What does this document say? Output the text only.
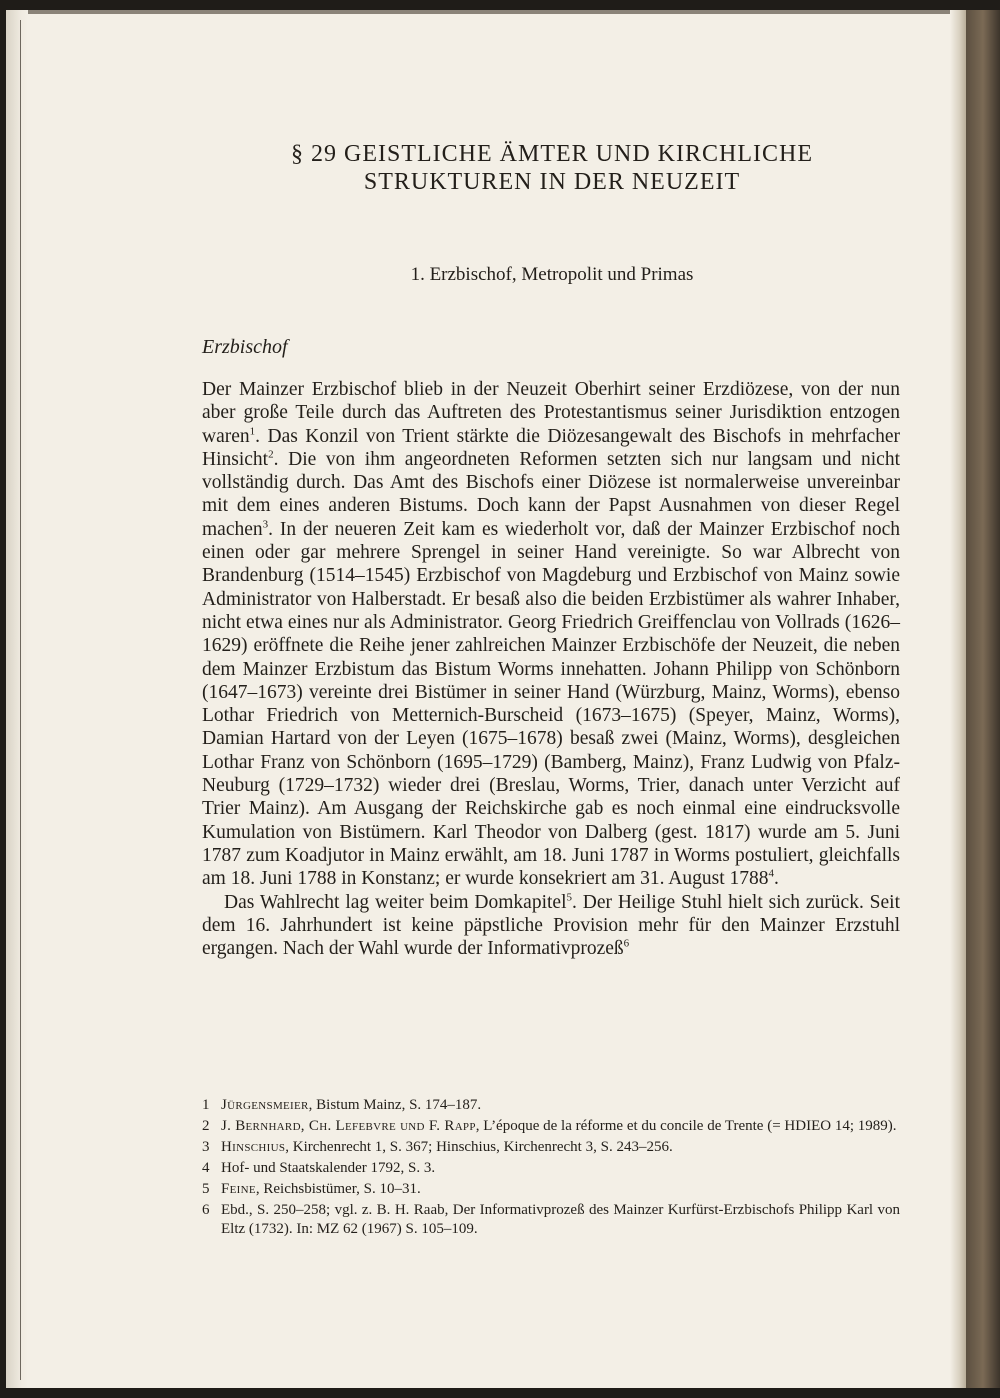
§ 29 GEISTLICHE ÄMTER UND KIRCHLICHE
STRUKTUREN IN DER NEUZEIT
1. Erzbischof, Metropolit und Primas
Erzbischof

Der Mainzer Erzbischof blieb in der Neuzeit Oberhirt seiner Erzdiözese, von der nun aber große Teile durch das Auftreten des Protestantismus seiner Jurisdiktion entzogen waren$^1$. Das Konzil von Trient stärkte die Diözesangewalt des Bischofs in mehrfacher Hinsicht$^2$. Die von ihm angeordneten Reformen setzten sich nur langsam und nicht vollständig durch. Das Amt des Bischofs einer Diözese ist normalerweise unvereinbar mit dem eines anderen Bistums. Doch kann der Papst Ausnahmen von dieser Regel machen$^3$. In der neueren Zeit kam es wiederholt vor, daß der Mainzer Erzbischof noch einen oder gar mehrere Sprengel in seiner Hand vereinigte. So war Albrecht von Brandenburg (1514–1545) Erzbischof von Magdeburg und Erzbischof von Mainz sowie Administrator von Halberstadt. Er besaß also die beiden Erzbistümer als wahrer Inhaber, nicht etwa eines nur als Administrator. Georg Friedrich Greiffenclau von Vollrads (1626–1629) eröffnete die Reihe jener zahlreichen Mainzer Erzbischöfe der Neuzeit, die neben dem Mainzer Erzbistum das Bistum Worms innehatten. Johann Philipp von Schönborn (1647–1673) vereinte drei Bistümer in seiner Hand (Würzburg, Mainz, Worms), ebenso Lothar Friedrich von Metternich-Burscheid (1673–1675) (Speyer, Mainz, Worms), Damian Hartard von der Leyen (1675–1678) besaß zwei (Mainz, Worms), desgleichen Lothar Franz von Schönborn (1695–1729) (Bamberg, Mainz), Franz Ludwig von Pfalz-Neuburg (1729–1732) wieder drei (Breslau, Worms, Trier, danach unter Verzicht auf Trier Mainz). Am Ausgang der Reichskirche gab es noch einmal eine eindrucksvolle Kumulation von Bistümern. Karl Theodor von Dalberg (gest. 1817) wurde am 5. Juni 1787 zum Koadjutor in Mainz erwählt, am 18. Juni 1787 in Worms postuliert, gleichfalls am 18. Juni 1788 in Konstanz; er wurde konsekriert am 31. August 1788$^4$.

Das Wahlrecht lag weiter beim Domkapitel$^5$. Der Heilige Stuhl hielt sich zurück. Seit dem 16. Jahrhundert ist keine päpstliche Provision mehr für den Mainzer Erzstuhl ergangen. Nach der Wahl wurde der Informativprozeß$^6$

1 Jürgensmeier, Bistum Mainz, S. 174–187.
2 J. Bernhard, Ch. Lefebvre und F. Rapp, L’époque de la réforme et du concile de Trente (= HDIEO 14; 1989).
3 Hinschius, Kirchenrecht 1, S. 367; Hinschius, Kirchenrecht 3, S. 243–256.
4 Hof- und Staatskalender 1792, S. 3.
5 Feine, Reichsbistümer, S. 10–31.
6 Ebd., S. 250–258; vgl. z. B. H. Raab, Der Informativprozeß des Mainzer Kurfürst-Erzbischofs Philipp Karl von Eltz (1732). In: MZ 62 (1967) S. 105–109.
